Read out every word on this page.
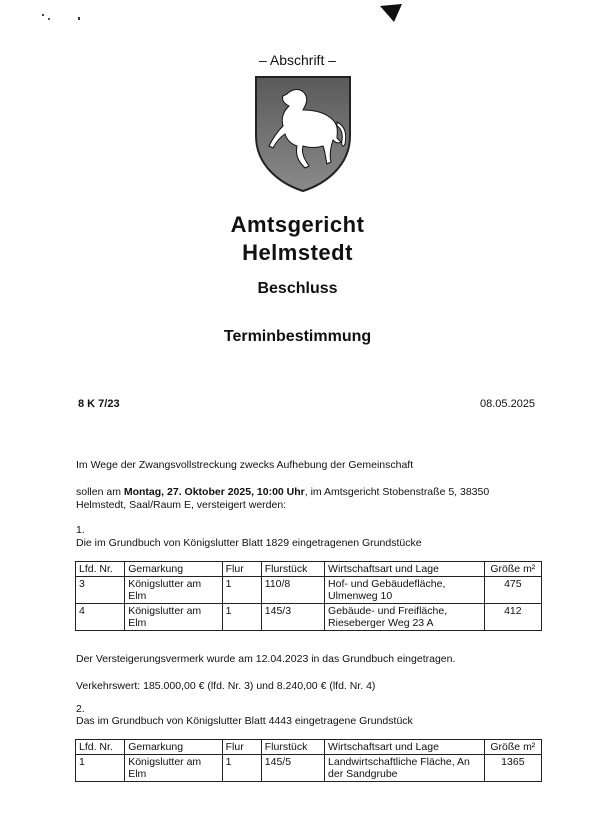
– Abschrift –
Amtsgericht
Helmstedt
Beschluss
Terminbestimmung
8 K 7/23	08.05.2025
Im Wege der Zwangsvollstreckung zwecks Aufhebung der Gemeinschaft
sollen am Montag, 27. Oktober 2025, 10:00 Uhr, im Amtsgericht Stobenstraße 5, 38350 Helmstedt, Saal/Raum E, versteigert werden:
1.
Die im Grundbuch von Königslutter Blatt 1829 eingetragenen Grundstücke
Lfd. Nr.	Gemarkung	Flur	Flurstück	Wirtschaftsart und Lage	Größe m²
3	Königslutter am Elm	1	110/8	Hof- und Gebäudefläche, Ulmenweg 10	475
4	Königslutter am Elm	1	145/3	Gebäude- und Freifläche, Rieseberger Weg 23 A	412
Der Versteigerungsvermerk wurde am 12.04.2023 in das Grundbuch eingetragen.
Verkehrswert: 185.000,00 € (lfd. Nr. 3) und 8.240,00 € (lfd. Nr. 4)
2.
Das im Grundbuch von Königslutter Blatt 4443 eingetragene Grundstück
Lfd. Nr.	Gemarkung	Flur	Flurstück	Wirtschaftsart und Lage	Größe m²
1	Königslutter am Elm	1	145/5	Landwirtschaftliche Fläche, An der Sandgrube	1365
